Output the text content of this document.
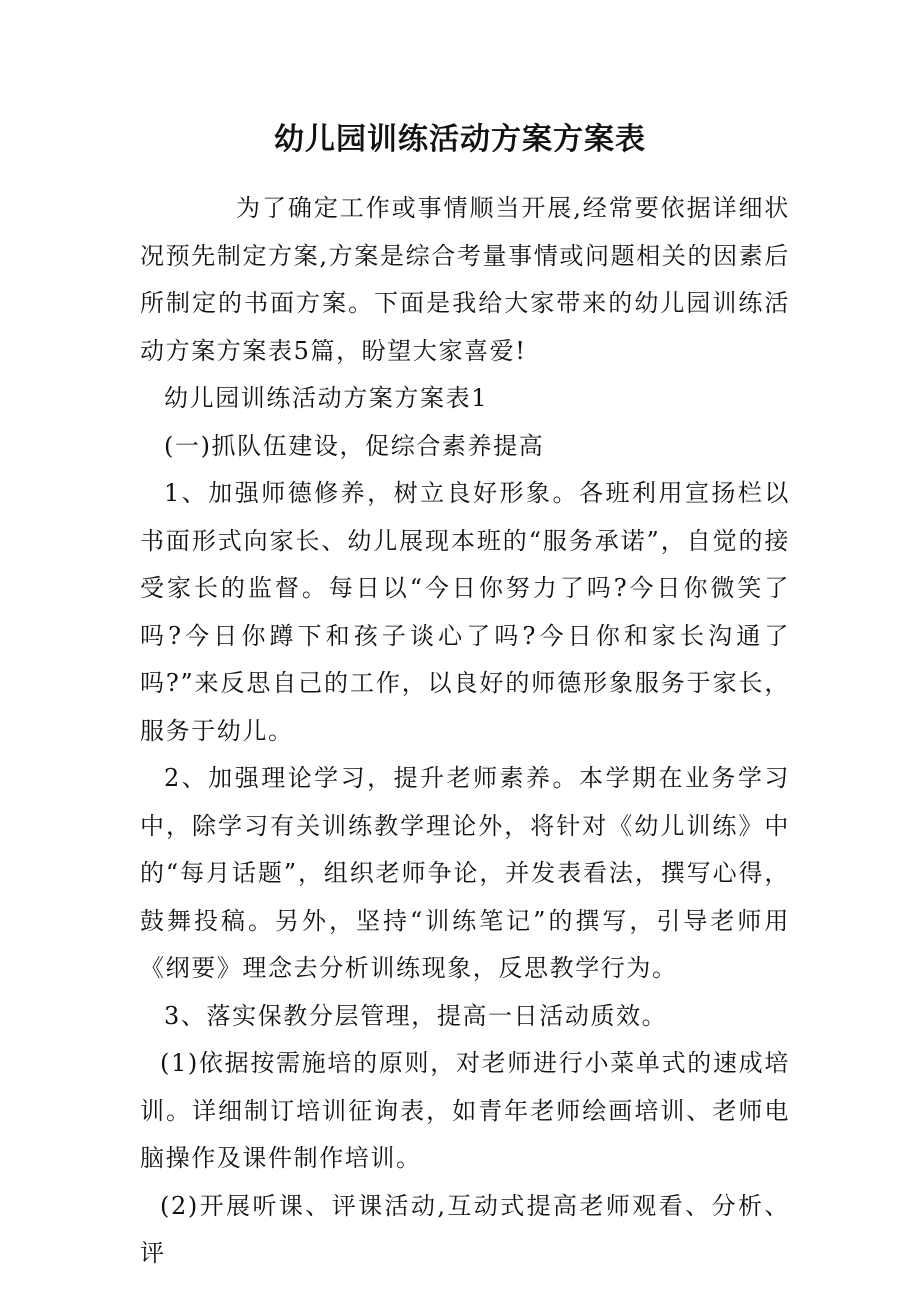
幼儿园训练活动方案方案表

为了确定工作或事情顺当开展,经常要依据详细状况预先制定方案,方案是综合考量事情或问题相关的因素后所制定的书面方案。下面是我给大家带来的幼儿园训练活动方案方案表5篇，盼望大家喜爱!

幼儿园训练活动方案方案表1

(一)抓队伍建设，促综合素养提高

1、加强师德修养，树立良好形象。各班利用宣扬栏以书面形式向家长、幼儿展现本班的“服务承诺”，自觉的接受家长的监督。每日以“今日你努力了吗?今日你微笑了吗?今日你蹲下和孩子谈心了吗?今日你和家长沟通了吗?”来反思自己的工作，以良好的师德形象服务于家长，服务于幼儿。

2、加强理论学习，提升老师素养。本学期在业务学习中，除学习有关训练教学理论外，将针对《幼儿训练》中的“每月话题”，组织老师争论，并发表看法，撰写心得，鼓舞投稿。另外，坚持“训练笔记”的撰写，引导老师用《纲要》理念去分析训练现象，反思教学行为。

3、落实保教分层管理，提高一日活动质效。

(1)依据按需施培的原则，对老师进行小菜单式的速成培训。详细制订培训征询表，如青年老师绘画培训、老师电脑操作及课件制作培训。

(2)开展听课、评课活动,互动式提高老师观看、分析、评
